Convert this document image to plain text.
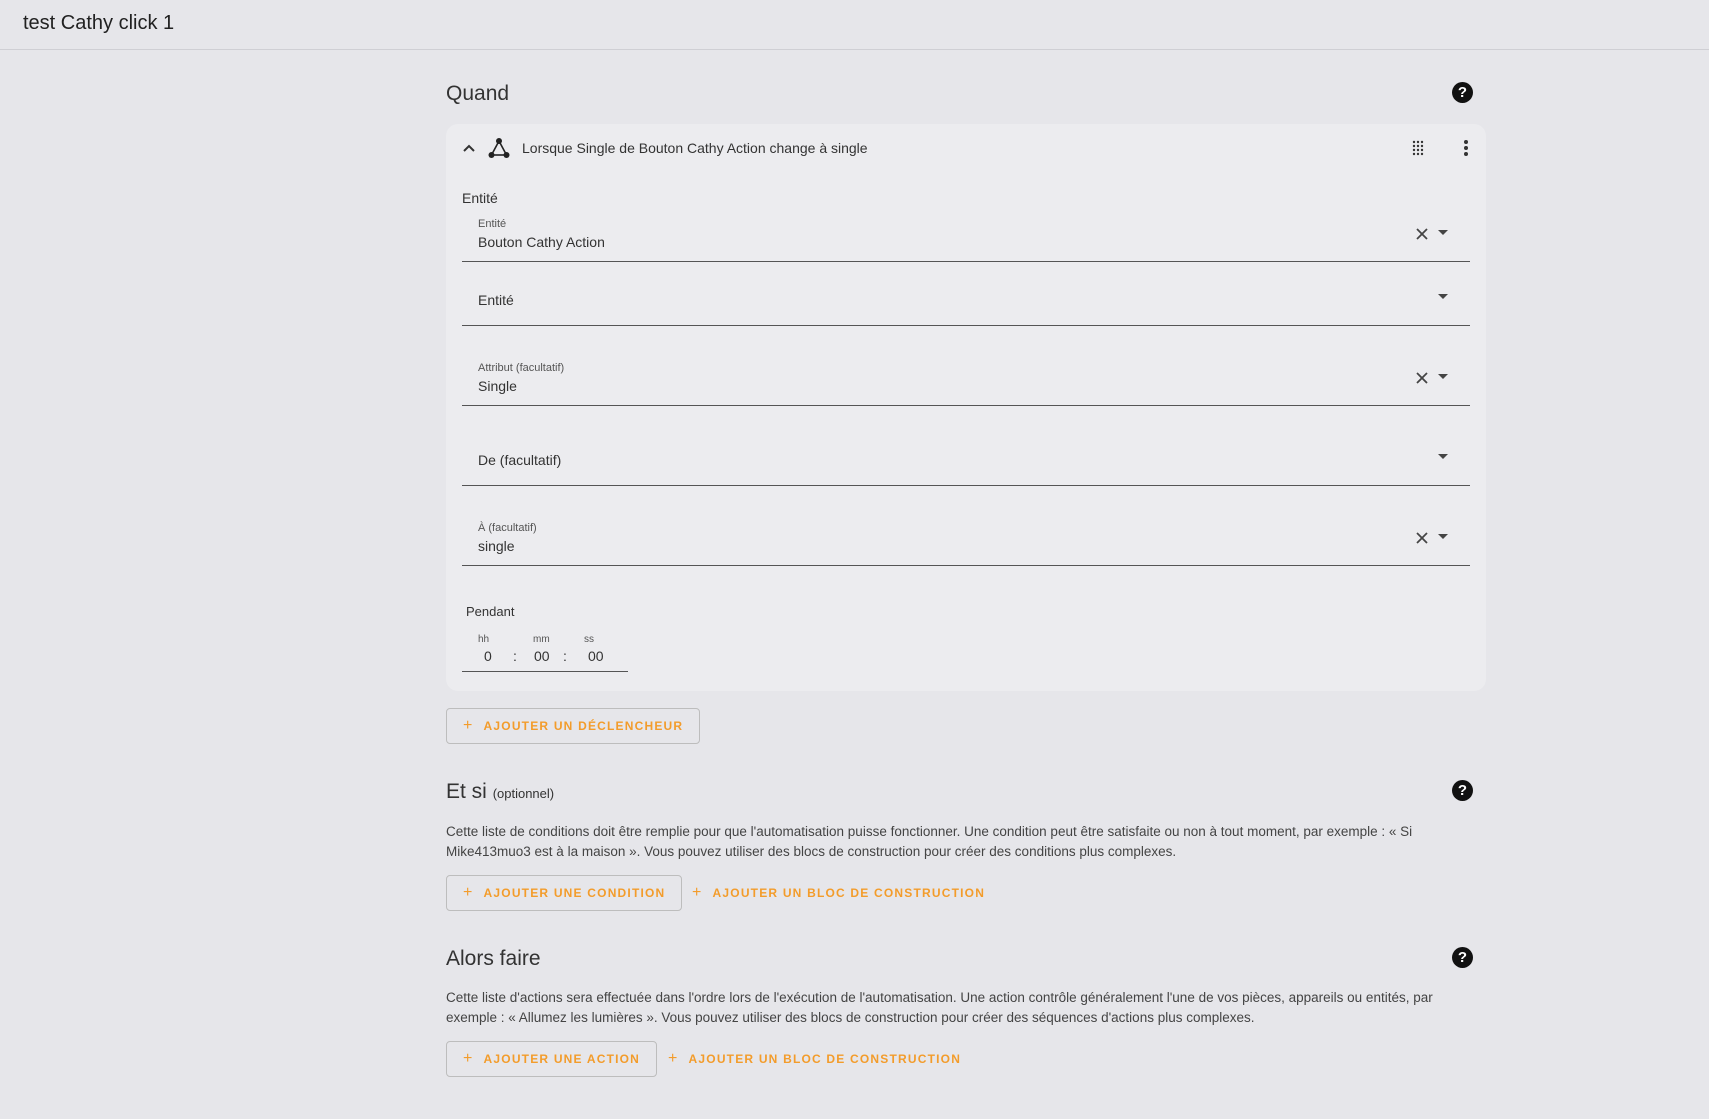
test Cathy click 1
Quand	?
Lorsque Single de Bouton Cathy Action change à single
Entité
Entité
Bouton Cathy Action
Entité
Attribut (facultatif)
Single
De (facultatif)
À (facultatif)
single
Pendant
hh
0 :
mm
00 :
ss
00
+ AJOUTER UN DÉCLENCHEUR
Et si (optionnel)	?
Cette liste de conditions doit être remplie pour que l'automatisation puisse fonctionner. Une condition peut être satisfaite ou non à tout moment, par exemple : « Si Mike413muo3 est à la maison ». Vous pouvez utiliser des blocs de construction pour créer des conditions plus complexes.
+ AJOUTER UNE CONDITION + AJOUTER UN BLOC DE CONSTRUCTION
Alors faire	?
Cette liste d'actions sera effectuée dans l'ordre lors de l'exécution de l'automatisation. Une action contrôle généralement l'une de vos pièces, appareils ou entités, par exemple : « Allumez les lumières ». Vous pouvez utiliser des blocs de construction pour créer des séquences d'actions plus complexes.
+ AJOUTER UNE ACTION + AJOUTER UN BLOC DE CONSTRUCTION
